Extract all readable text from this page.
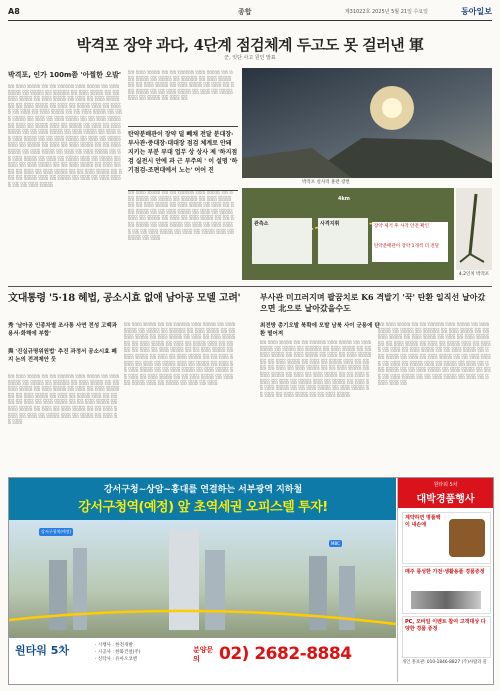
A8	종합	제31022호 2025년 5월 21일 수요일	동아일보
박격포 장약 과다, 4단계 점검체계 두고도 못 걸러낸 軍
군, 잇단 사고 원인 발표
박격포, 인가 100m쯤 '아찔한 오발'
░░ ░░░ ░░░░ ░░ ░░ ░░░░░ ░░░ ░░░░ ░░ ░░░ ░░░░ ░░ ░░░░ ░░ ░░░░░ ░░ ░░░ ░░░░ ░░ ░░ ░░░ ░░░░ ░░ ░░░ ░░░░ ░░ ░░░ ░░ ░░░ ░░░░ ░░ ░░ ░░░ ░░░░ ░░ ░░░ ░░ ░░░░ ░░░ ░░ ░░░░ ░░ ░░░ ░░ ░░░ ░░░░ ░░ ░░ ░░░ ░░░░ ░░ ░░░ ░░░░ ░░ ░░░ ░░ ░░░ ░░░░ ░░ ░░ ░░░ ░░░░ ░░ ░░░ ░░ ░░░░ ░░░ ░░ ░░░░ ░░ ░░░ ░░ ░░░ ░░░░ ░░ ░░ ░░░ ░░░░ ░░ ░░░ ░░░░ ░░ ░░░ ░░ ░░░ ░░░░ ░░ ░░ ░░░ ░░░░ ░░ ░░░ ░░ ░░░░ ░░░ ░░ ░░░░ ░░ ░░░ ░░ ░░░ ░░░░ ░░ ░░ ░░░ ░░░░ ░░ ░░░ ░░░░ ░░ ░░░ ░░ ░░░ ░░░░ ░░ ░░ ░░░ ░░░░ ░░ ░░░ ░░ ░░░░ ░░░ ░░ ░░░░ ░░ ░░░ ░░ ░░░ ░░░░ ░░ ░░ ░░░ ░░░░ ░░ ░░░ ░░░░ ░░ ░░░ ░░ ░░░ ░░░░ ░░ ░░ ░░░ ░░░░ ░░ ░░░ ░░ ░░░░ ░░░ ░░ ░░░░ ░░ ░░░ ░░ ░░░ ░░░░ ░░ ░░ ░░░ ░░░░
░░ ░░░ ░░░░ ░░ ░░ ░░░░░ ░░░ ░░░░ ░░ ░░░ ░░░░ ░░ ░░░░ ░░ ░░░░░ ░░ ░░░ ░░░░ ░░ ░░ ░░░ ░░░░ ░░ ░░░ ░░░░ ░░ ░░░ ░░ ░░░ ░░░░ ░░ ░░ ░░░ ░░░░ ░░ ░░░ ░░ ░░░░ ░░░ ░░ ░░░░ ░░ ░░░ ░░
탄약분배관이 장약 덜 빼채 전달 분대장·부사관·중대장·대대장 점검 체계로 안돼 지키는 부분 부대 업무 상 상사 제 '하지점검 실전시 안에 과 근 부주의 ' 이 설명 '하기점검-조편대에서 노는' 어어 진
░░ ░░░ ░░░░ ░░ ░░ ░░░░░ ░░░ ░░░░ ░░ ░░░ ░░░░ ░░ ░░░░ ░░ ░░░░░ ░░ ░░░ ░░░░ ░░ ░░ ░░░ ░░░░ ░░ ░░░ ░░░░ ░░ ░░░ ░░ ░░░ ░░░░ ░░ ░░ ░░░ ░░░░ ░░ ░░░ ░░ ░░░░ ░░░ ░░ ░░░░ ░░ ░░░ ░░ ░░░ ░░░░ ░░ ░░ ░░░ ░░░░ ░░ ░░░ ░░░░ ░░ ░░░ ░░ ░░░ ░░░░ ░░ ░░ ░░░ ░░░░ ░░ ░░░ ░░ ░░░░ ░░░ ░░ ░░░░ ░░ ░░░
박격포 실사격 훈련 장면
관측소	사격지휘	장약 제거 후 사격 안전 확인
탄약분배관이 장약 1개씩 더 전달
4km
4.2인치 박격포
文대통령 '5·18 헤법, 공소시효 없애 남아공 모델 고려'
秀 '남아공 인종차별 조사통 사연 전성 고백과 용서·화해에 부합'
與 '진실규명위원법' 추진 과정서 공소시효 폐지 논의 전격제안 듯
░░ ░░░ ░░░░ ░░ ░░ ░░░░░ ░░░ ░░░░ ░░ ░░░ ░░░░ ░░ ░░░░ ░░ ░░░░░ ░░ ░░░ ░░░░ ░░ ░░ ░░░ ░░░░ ░░ ░░░ ░░░░ ░░ ░░░ ░░ ░░░ ░░░░ ░░ ░░ ░░░ ░░░░ ░░ ░░░ ░░ ░░░░ ░░░ ░░ ░░░░ ░░ ░░░ ░░ ░░░ ░░░░ ░░ ░░ ░░░ ░░░░ ░░ ░░░ ░░░░ ░░ ░░░ ░░ ░░░ ░░░░ ░░ ░░ ░░░ ░░░░ ░░ ░░░ ░░ ░░░░ ░░░ ░░ ░░░░ ░░ ░░░ ░░ ░░░
░░ ░░░ ░░░░ ░░ ░░ ░░░░░ ░░░ ░░░░ ░░ ░░░ ░░░░ ░░ ░░░░ ░░ ░░░░░ ░░ ░░░ ░░░░ ░░ ░░ ░░░ ░░░░ ░░ ░░░ ░░░░ ░░ ░░░ ░░ ░░░ ░░░░ ░░ ░░ ░░░ ░░░░ ░░ ░░░ ░░ ░░░░ ░░░ ░░ ░░░░ ░░ ░░░ ░░ ░░░ ░░░░ ░░ ░░ ░░░ ░░░░ ░░ ░░░ ░░░░ ░░ ░░░ ░░ ░░░ ░░░░ ░░ ░░ ░░░ ░░░░ ░░ ░░░ ░░ ░░░░ ░░░ ░░ ░░░░ ░░ ░░░ ░░ ░░░ ░░░░ ░░ ░░ ░░░ ░░░░ ░░ ░░░ ░░░░ ░░ ░░░ ░░ ░░░ ░░░░ ░░ ░░ ░░░ ░░░░ ░░ ░░░ ░░ ░░░░ ░░░ ░░ ░░░░ ░░ ░░░ ░░ ░░░
부사관 미끄러지며 팔꿈치로 K6 격발기 '꾹' 탄환 일직선 날아갔으면 北으로 날아갔을수도
최전방 총기오발 북확에 모발 남북 사이 군용에 탄환 떨어져
░░ ░░░ ░░░░ ░░ ░░ ░░░░░ ░░░ ░░░░ ░░ ░░░ ░░░░ ░░ ░░░░ ░░ ░░░░░ ░░ ░░░ ░░░░ ░░ ░░ ░░░ ░░░░ ░░ ░░░ ░░░░ ░░ ░░░ ░░ ░░░ ░░░░ ░░ ░░ ░░░ ░░░░ ░░ ░░░ ░░ ░░░░ ░░░ ░░ ░░░░ ░░ ░░░ ░░ ░░░ ░░░░ ░░ ░░ ░░░ ░░░░ ░░ ░░░ ░░░░ ░░ ░░░ ░░ ░░░ ░░░░ ░░ ░░ ░░░ ░░░░ ░░ ░░░ ░░ ░░░░ ░░░ ░░ ░░░░ ░░ ░░░ ░░ ░░░ ░░░░ ░░ ░░ ░░░ ░░░░ ░░ ░░░ ░░░░ ░░ ░░░ ░░ ░░░ ░░░░ ░░ ░░ ░░░ ░░░░
░░ ░░░ ░░░░ ░░ ░░ ░░░░░ ░░░ ░░░░ ░░ ░░░ ░░░░ ░░ ░░░░ ░░ ░░░░░ ░░ ░░░ ░░░░ ░░ ░░ ░░░ ░░░░ ░░ ░░░ ░░░░ ░░ ░░░ ░░ ░░░ ░░░░ ░░ ░░ ░░░ ░░░░ ░░ ░░░ ░░ ░░░░ ░░░ ░░ ░░░░ ░░ ░░░ ░░ ░░░ ░░░░ ░░ ░░ ░░░ ░░░░ ░░ ░░░ ░░░░ ░░ ░░░ ░░ ░░░ ░░░░ ░░ ░░ ░░░ ░░░░ ░░ ░░░ ░░ ░░░░ ░░░ ░░ ░░░░ ░░ ░░░ ░░ ░░░ ░░░░ ░░ ░░ ░░░ ░░░░ ░░ ░░░ ░░░░ ░░ ░░░ ░░ ░░░ ░░░░ ░░ ░░ ░░░ ░░░░ ░░ ░░░ ░░ ░░░░ ░░░ ░░
강서구청~상암~홍대를 연결하는 서부광역 지하철
강서구청역(예정) 앞 초역세권 오피스텔 투자!
강서구청역(예정)
MBC
원타워 5차	· 시행사 : 한전개발
· 시공사 : 한화건설(주)
· 신탁사 : 유아오코엔
분양문의	02) 2682-8884
원타워 5차
대박경품행사
계약하면 명품백이 내손에
매주 풍성한 가전·생활용품 경품증정
PC, 모바일 이벤트 참여 고객대상 다양한 경품 증정
개인 홍보관: 010-1846-8827 (주)사람과 물
